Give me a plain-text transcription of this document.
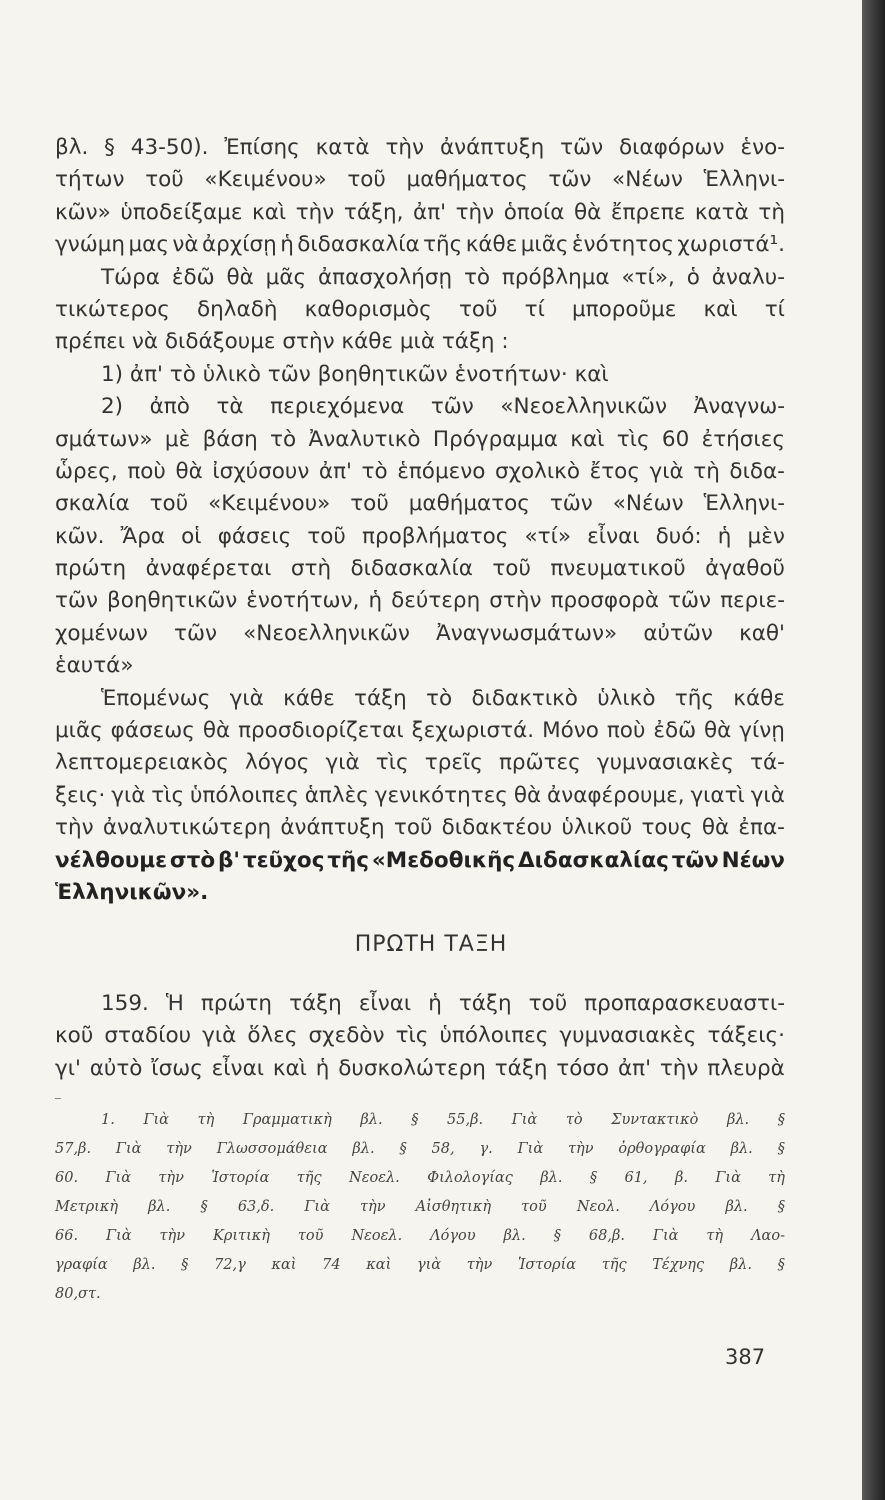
βλ. § 43-50). Ἐπίσης κατὰ τὴν ἀνάπτυξη τῶν διαφόρων ἑνο-
τήτων τοῦ «Κειμένου» τοῦ μαθήματος τῶν «Νέων Ἑλληνι-
κῶν» ὑποδείξαμε καὶ τὴν τάξη, ἀπ' τὴν ὁποία θὰ ἔπρεπε κατὰ τὴ
γνώμη μας νὰ ἀρχίσῃ ἡ διδασκαλία τῆς κάθε μιᾶς ἑνότητος χωριστά¹.
Τώρα ἐδῶ θὰ μᾶς ἀπασχολήσῃ τὸ πρόβλημα «τί», ὁ ἀναλυ-
τικώτερος δηλαδὴ καθορισμὸς τοῦ τί μποροῦμε καὶ τί
πρέπει νὰ διδάξουμε στὴν κάθε μιὰ τάξη :
1) ἀπ' τὸ ὑλικὸ τῶν βοηθητικῶν ἑνοτήτων· καὶ
2) ἀπὸ τὰ περιεχόμενα τῶν «Νεοελληνικῶν Ἀναγνω-
σμάτων» μὲ βάση τὸ Ἀναλυτικὸ Πρόγραμμα καὶ τὶς 60 ἐτήσιες
ὧρες, ποὺ θὰ ἰσχύσουν ἀπ' τὸ ἑπόμενο σχολικὸ ἔτος γιὰ τὴ διδα-
σκαλία τοῦ «Κειμένου» τοῦ μαθήματος τῶν «Νέων Ἑλληνι-
κῶν. Ἄρα οἱ φάσεις τοῦ προβλήματος «τί» εἶναι δυό: ἡ μὲν
πρώτη ἀναφέρεται στὴ διδασκαλία τοῦ πνευματικοῦ ἀγαθοῦ
τῶν βοηθητικῶν ἑνοτήτων, ἡ δεύτερη στὴν προσφορὰ τῶν περιε-
χομένων τῶν «Νεοελληνικῶν Ἀναγνωσμάτων» αὐτῶν καθ'
ἑαυτά»
Ἑπομένως γιὰ κάθε τάξη τὸ διδακτικὸ ὑλικὸ τῆς κάθε
μιᾶς φάσεως θὰ προσδιορίζεται ξεχωριστά. Μόνο ποὺ ἐδῶ θὰ γίνῃ
λεπτομερειακὸς λόγος γιὰ τὶς τρεῖς πρῶτες γυμνασιακὲς τά-
ξεις· γιὰ τὶς ὑπόλοιπες ἁπλὲς γενικότητες θὰ ἀναφέρουμε, γιατὶ γιὰ
τὴν ἀναλυτικώτερη ἀνάπτυξη τοῦ διδακτέου ὑλικοῦ τους θὰ ἐπα-
νέλθουμε στὸ β' τεῦχος τῆς «Μεδοθικῆς Διδασκαλίας τῶν Νέων
Ἑλληνικῶν».
ΠΡΩΤΗ ΤΑΞΗ
159. Ἡ πρώτη τάξη εἶναι ἡ τάξη τοῦ προπαρασκευαστι-
κοῦ σταδίου γιὰ ὅλες σχεδὸν τὶς ὑπόλοιπες γυμνασιακὲς τάξεις·
γι' αὐτὸ ἴσως εἶναι καὶ ἡ δυσκολώτερη τάξη τόσο ἀπ' τὴν πλευρὰ
1. Γιὰ τὴ Γραμματικὴ βλ. § 55,β. Γιὰ τὸ Συντακτικὸ βλ. §
57,β. Γιὰ τὴν Γλωσσομάθεια βλ. § 58, γ. Γιὰ τὴν ὀρθογραφία βλ. §
60. Γιὰ τὴν Ἱστορία τῆς Νεοελ. Φιλολογίας βλ. § 61, β. Γιὰ τὴ
Μετρικὴ βλ. § 63,δ. Γιὰ τὴν Αἰσθητικὴ τοῦ Νεολ. Λόγου βλ. §
66. Γιὰ τὴν Κριτικὴ τοῦ Νεοελ. Λόγου βλ. § 68,β. Γιὰ τὴ Λαο-
γραφία βλ. § 72,γ καὶ 74 καὶ γιὰ τὴν Ἱστορία τῆς Τέχνης βλ. §
80,στ.
387
